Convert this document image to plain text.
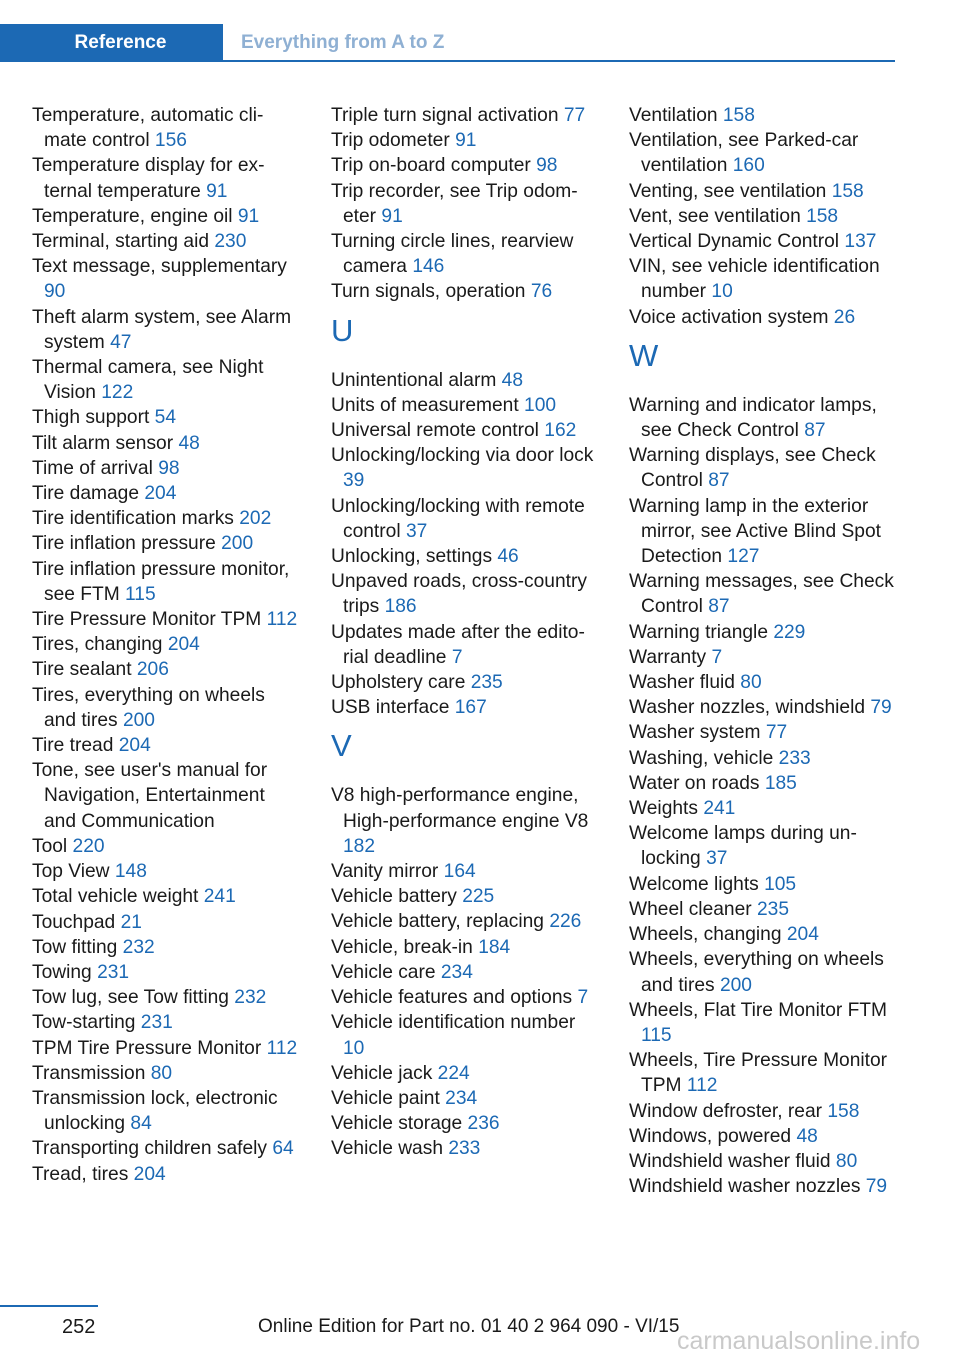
Reference	Everything from A to Z
Temperature, automatic climate control 156
Temperature display for external temperature 91
Temperature, engine oil 91
Terminal, starting aid 230
Text message, supplementary 90
Theft alarm system, see Alarm system 47
Thermal camera, see Night Vision 122
Thigh support 54
Tilt alarm sensor 48
Time of arrival 98
Tire damage 204
Tire identification marks 202
Tire inflation pressure 200
Tire inflation pressure monitor, see FTM 115
Tire Pressure Monitor TPM 112
Tires, changing 204
Tire sealant 206
Tires, everything on wheels and tires 200
Tire tread 204
Tone, see user's manual for Navigation, Entertainment and Communication
Tool 220
Top View 148
Total vehicle weight 241
Touchpad 21
Tow fitting 232
Towing 231
Tow lug, see Tow fitting 232
Tow-starting 231
TPM Tire Pressure Monitor 112
Transmission 80
Transmission lock, electronic unlocking 84
Transporting children safely 64
Tread, tires 204
Triple turn signal activation 77
Trip odometer 91
Trip on-board computer 98
Trip recorder, see Trip odometer 91
Turning circle lines, rearview camera 146
Turn signals, operation 76
U
Unintentional alarm 48
Units of measurement 100
Universal remote control 162
Unlocking/locking via door lock 39
Unlocking/locking with remote control 37
Unlocking, settings 46
Unpaved roads, cross-country trips 186
Updates made after the editorial deadline 7
Upholstery care 235
USB interface 167
V
V8 high-performance engine, High-performance engine V8 182
Vanity mirror 164
Vehicle battery 225
Vehicle battery, replacing 226
Vehicle, break-in 184
Vehicle care 234
Vehicle features and options 7
Vehicle identification number 10
Vehicle jack 224
Vehicle paint 234
Vehicle storage 236
Vehicle wash 233
Ventilation 158
Ventilation, see Parked-car ventilation 160
Venting, see ventilation 158
Vent, see ventilation 158
Vertical Dynamic Control 137
VIN, see vehicle identification number 10
Voice activation system 26
W
Warning and indicator lamps, see Check Control 87
Warning displays, see Check Control 87
Warning lamp in the exterior mirror, see Active Blind Spot Detection 127
Warning messages, see Check Control 87
Warning triangle 229
Warranty 7
Washer fluid 80
Washer nozzles, windshield 79
Washer system 77
Washing, vehicle 233
Water on roads 185
Weights 241
Welcome lamps during unlocking 37
Welcome lights 105
Wheel cleaner 235
Wheels, changing 204
Wheels, everything on wheels and tires 200
Wheels, Flat Tire Monitor FTM 115
Wheels, Tire Pressure Monitor TPM 112
Window defroster, rear 158
Windows, powered 48
Windshield washer fluid 80
Windshield washer nozzles 79
252	Online Edition for Part no. 01 40 2 964 090 - VI/15
carmanualsonline.info
